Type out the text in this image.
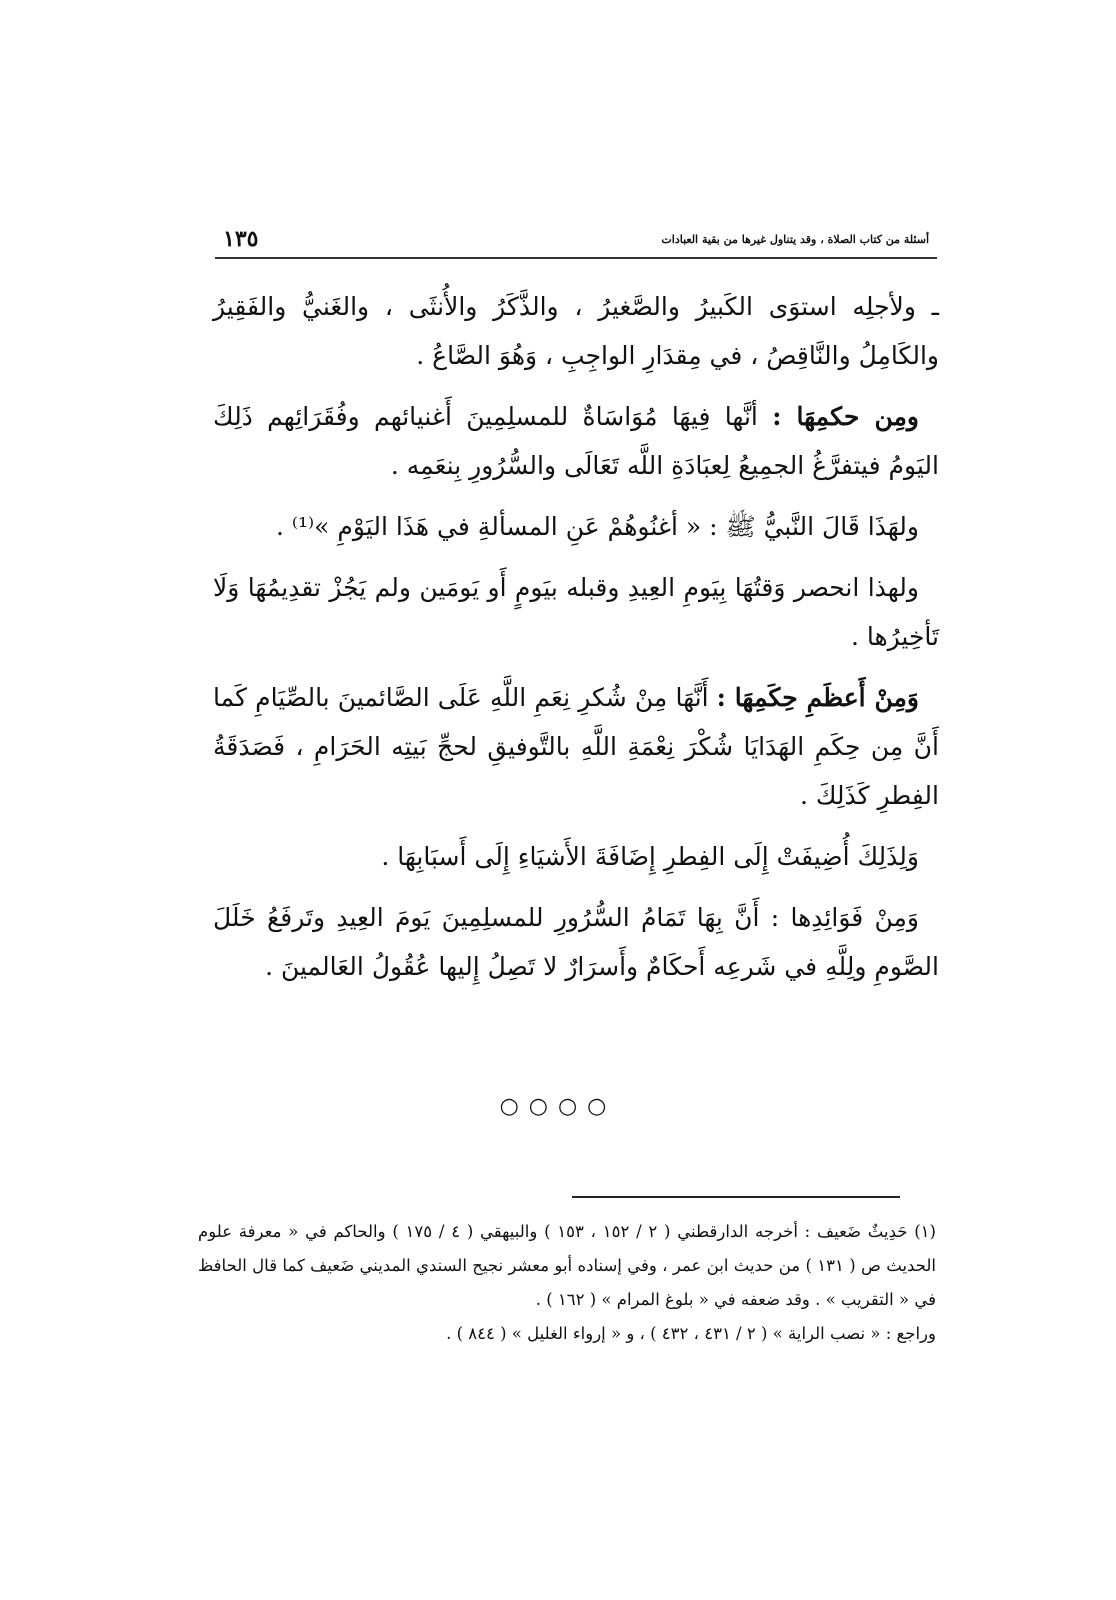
١٣٥	أسئلة من كتاب الصلاة ، وقد يتناول غيرها من بقية العبادات

ـ ولأجلِه استوَى الكَبيرُ والصَّغيرُ ، والذَّكَرُ والأُنثَى ، والغَنيُّ والفَقِيرُ والكَامِلُ والنَّاقِصُ ، في مِقدَارِ الواجِبِ ، وَهُوَ الصَّاعُ .

ومِن حكمِهَا : أنَّها فِيهَا مُوَاسَاةٌ للمسلِمِينَ أَغنيائهم وفُقَرَائِهم ذَلِكَ اليَومُ فيتفرَّغُ الجمِيعُ لِعبَادَةِ اللَّه تَعَالَى والسُّرُورِ بِنعَمِه .

ولهَذَا قَالَ النَّبيُّ ﷺ : « أغنُوهُمْ عَنِ المسألةِ في هَذَا اليَوْمِ »⁽¹⁾ .

ولهذا انحصر وَقتُهَا بِيَومِ العِيدِ وقبله بيَومٍ أَو يَومَين ولم يَجُزْ تقدِيمُهَا وَلَا تَأخِيرُها .

وَمِنْ أَعظَمِ حِكَمِهَا : أَنَّهَا مِنْ شُكرِ نِعَمِ اللَّهِ عَلَى الصَّائمينَ بالصِّيَامِ كَما أَنَّ مِن حِكَمِ الهَدَايَا شُكْرَ نِعْمَةِ اللَّهِ بالتَّوفيقِ لحجِّ بَيتِه الحَرَامِ ، فَصَدَقَةُ الفِطرِ كَذَلِكَ .

وَلِذَلِكَ أُضِيفَتْ إِلَى الفِطرِ إِضَافَةَ الأَشيَاءِ إِلَى أَسبَابِهَا .

وَمِنْ فَوَائِدِها : أَنَّ بِهَا تَمَامُ السُّرُورِ للمسلِمِينَ يَومَ العِيدِ وتَرفَعُ خَلَلَ الصَّومِ ولِلَّهِ في شَرعِه أَحكَامٌ وأَسرَارٌ لا تَصِلُ إِليها عُقُولُ العَالمينَ .

○○○○

(١) حَدِيثٌ ضَعيف : أخرجه الدارقطني ( ٢ / ١٥٢ ، ١٥٣ ) والبيهقي ( ٤ / ١٧٥ ) والحاكم في « معرفة علوم الحديث ص ( ١٣١ ) من حديث ابن عمر ، وفي إسناده أبو معشر نجيح السندي المديني ضَعيف كما قال الحافظ في « التقريب » . وقد ضعفه في « بلوغ المرام » ( ١٦٢ ) .

وراجع : « نصب الراية » ( ٢ / ٤٣١ ، ٤٣٢ ) ، و « إرواء الغليل » ( ٨٤٤ ) .
